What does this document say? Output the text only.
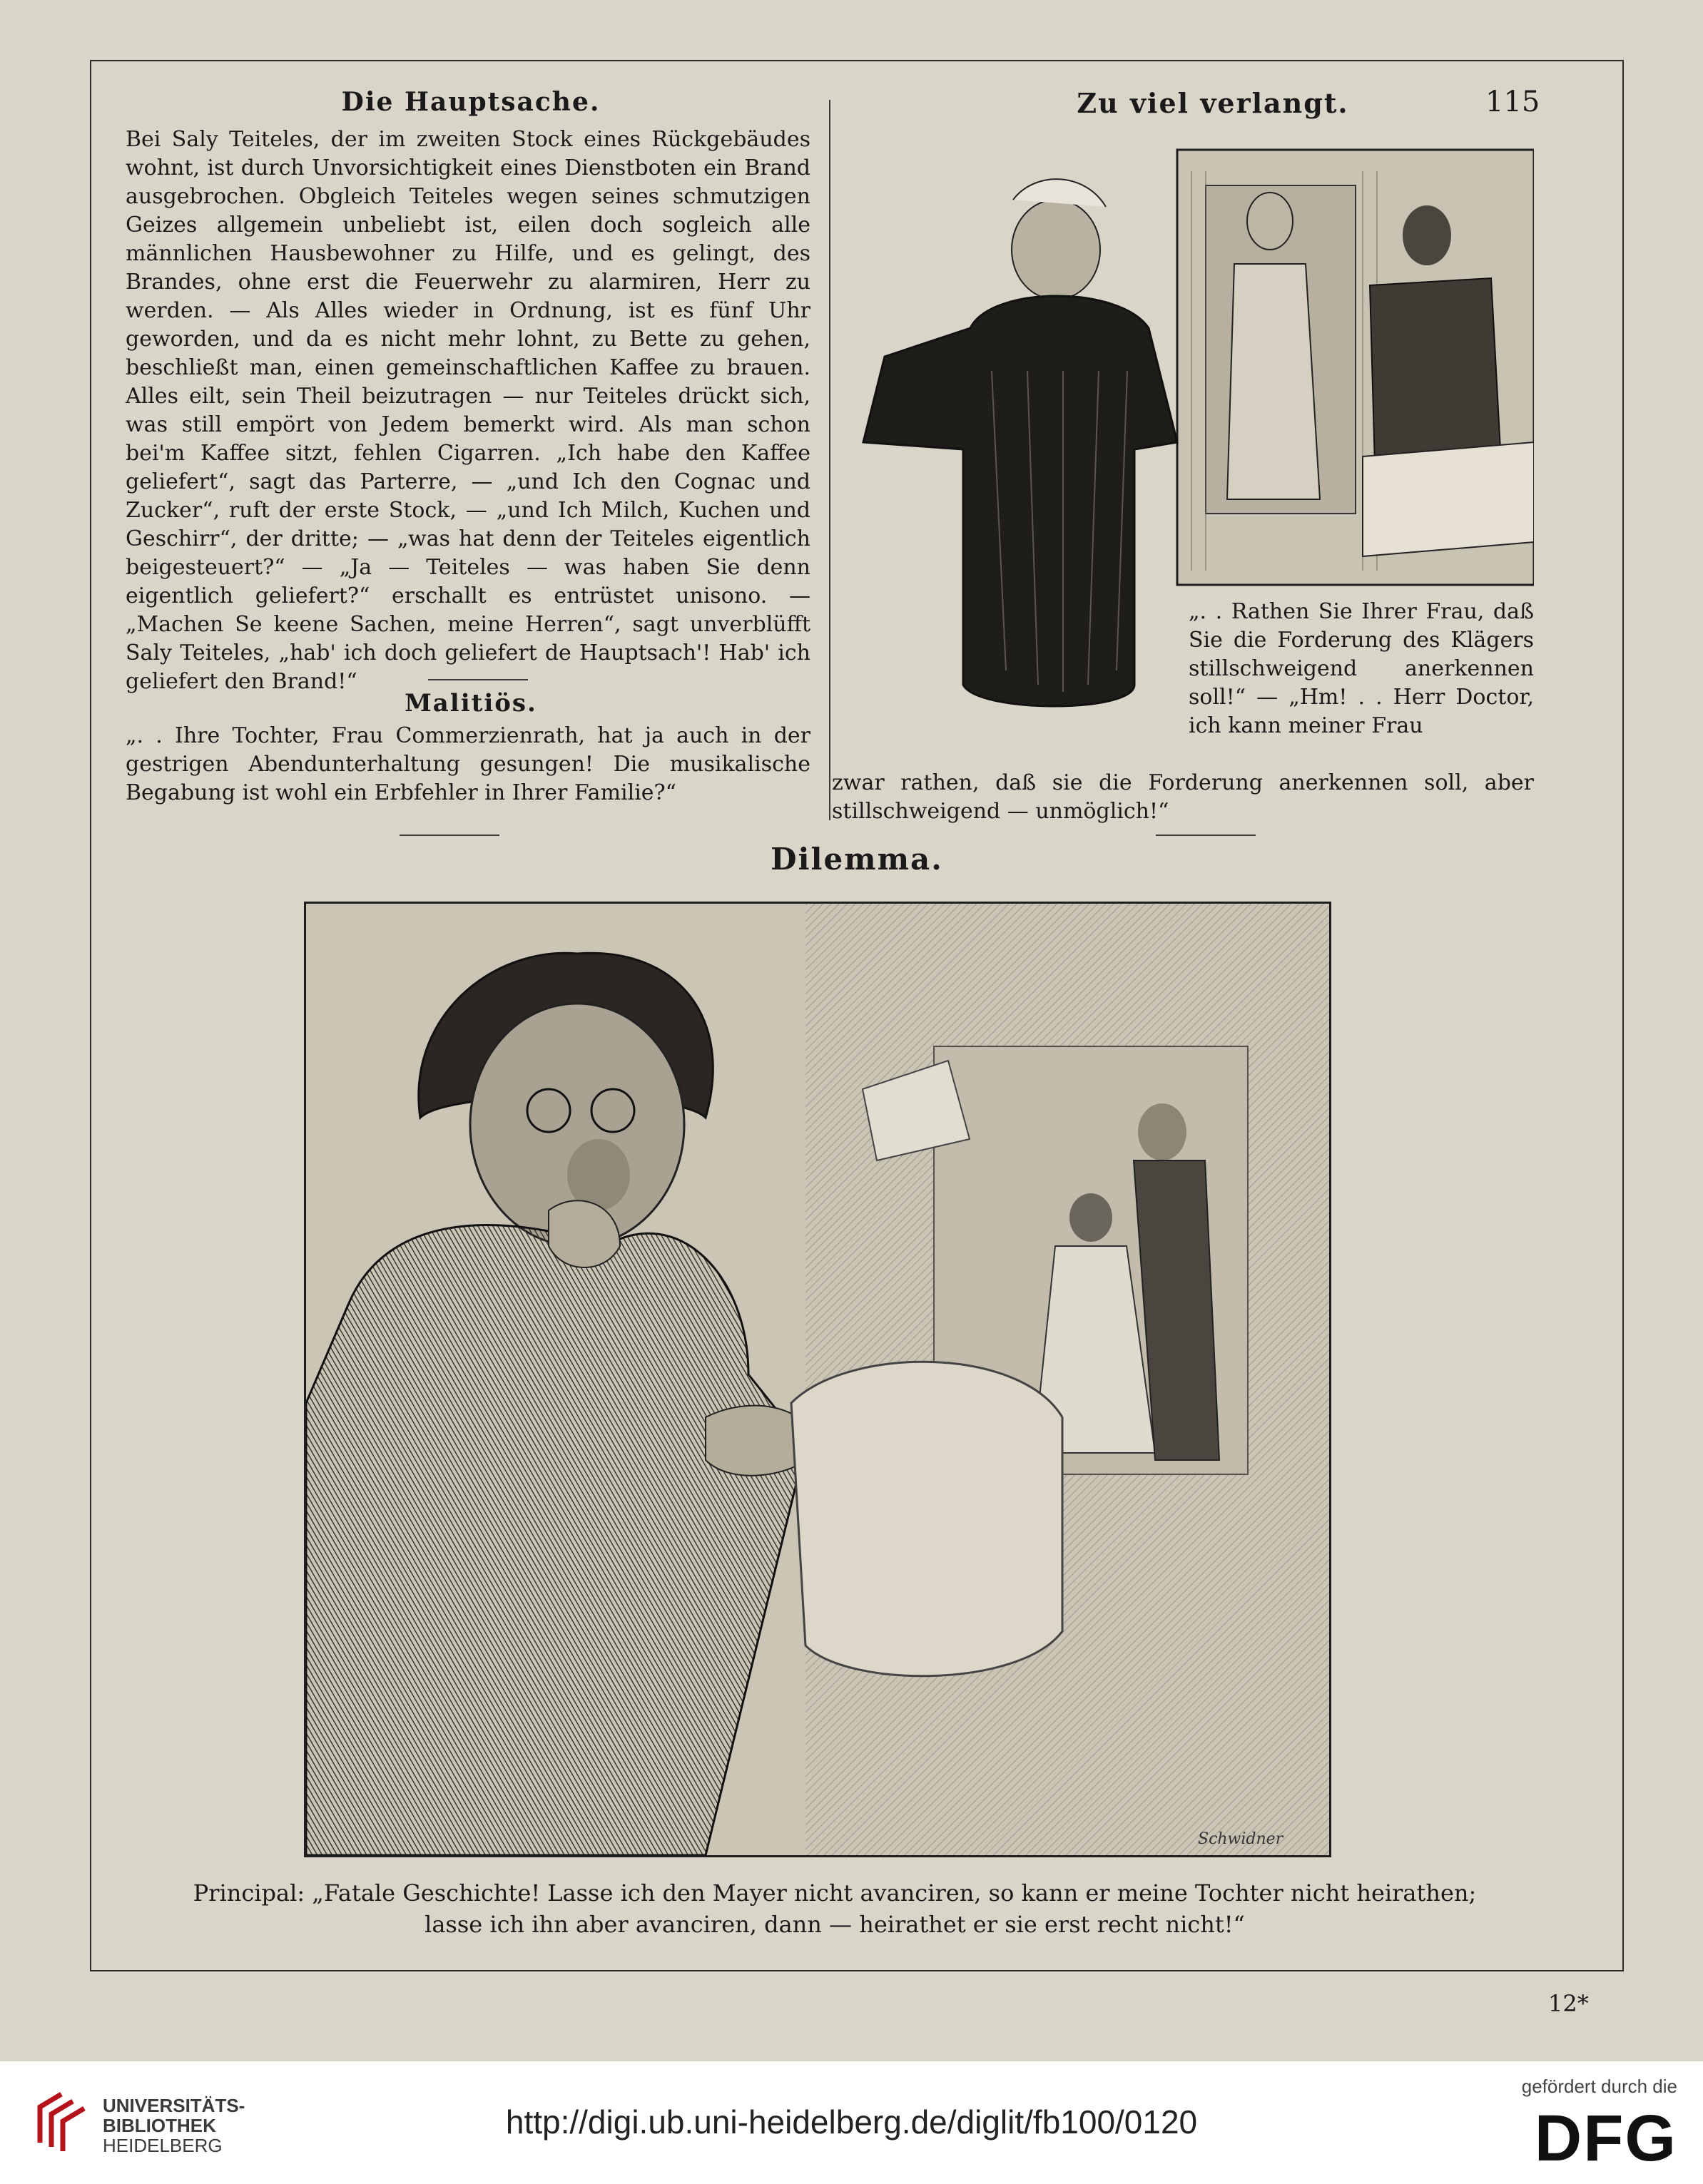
Die Hauptsache.

Bei Saly Teiteles, der im zweiten Stock eines Rückgebäudes wohnt, ist durch Unvorsichtigkeit eines Dienstboten ein Brand ausgebrochen. Obgleich Teiteles wegen seines schmutzigen Geizes allgemein unbeliebt ist, eilen doch sogleich alle männlichen Hausbewohner zu Hilfe, und es gelingt, des Brandes, ohne erst die Feuerwehr zu alarmiren, Herr zu werden. — Als Alles wieder in Ordnung, ist es fünf Uhr geworden, und da es nicht mehr lohnt, zu Bette zu gehen, beschließt man, einen gemeinschaftlichen Kaffee zu brauen. Alles eilt, sein Theil beizutragen — nur Teiteles drückt sich, was still empört von Jedem bemerkt wird. Als man schon bei'm Kaffee sitzt, fehlen Cigarren. „Ich habe den Kaffee geliefert“, sagt das Parterre, — „und Ich den Cognac und Zucker“, ruft der erste Stock, — „und Ich Milch, Kuchen und Geschirr“, der dritte; — „was hat denn der Teiteles eigentlich beigesteuert?“ — „Ja — Teiteles — was haben Sie denn eigentlich geliefert?“ erschallt es entrüstet unisono. — „Machen Se keene Sachen, meine Herren“, sagt unverblüfft Saly Teiteles, „hab' ich doch geliefert de Hauptsach'! Hab' ich geliefert den Brand!“

Malitiös.

„. . Ihre Tochter, Frau Commerzienrath, hat ja auch in der gestrigen Abendunterhaltung gesungen! Die musikalische Begabung ist wohl ein Erbfehler in Ihrer Familie?“

Zu viel verlangt.	115

„. . Rathen Sie Ihrer Frau, daß Sie die Forderung des Klägers stillschweigend anerkennen soll!“ — „Hm! . . Herr Doctor, ich kann meiner Frau

zwar rathen, daß sie die Forderung anerkennen soll, aber stillschweigend — unmöglich!“

Dilemma.
Schwidner

Principal: „Fatale Geschichte! Lasse ich den Mayer nicht avanciren, so kann er meine Tochter nicht heirathen; lasse ich ihn aber avanciren, dann — heirathet er sie erst recht nicht!“

12*
UNIVERSITÄTS-
BIBLIOTHEK
HEIDELBERG
http://digi.ub.uni-heidelberg.de/diglit/fb100/0120
gefördert durch die
DFG
